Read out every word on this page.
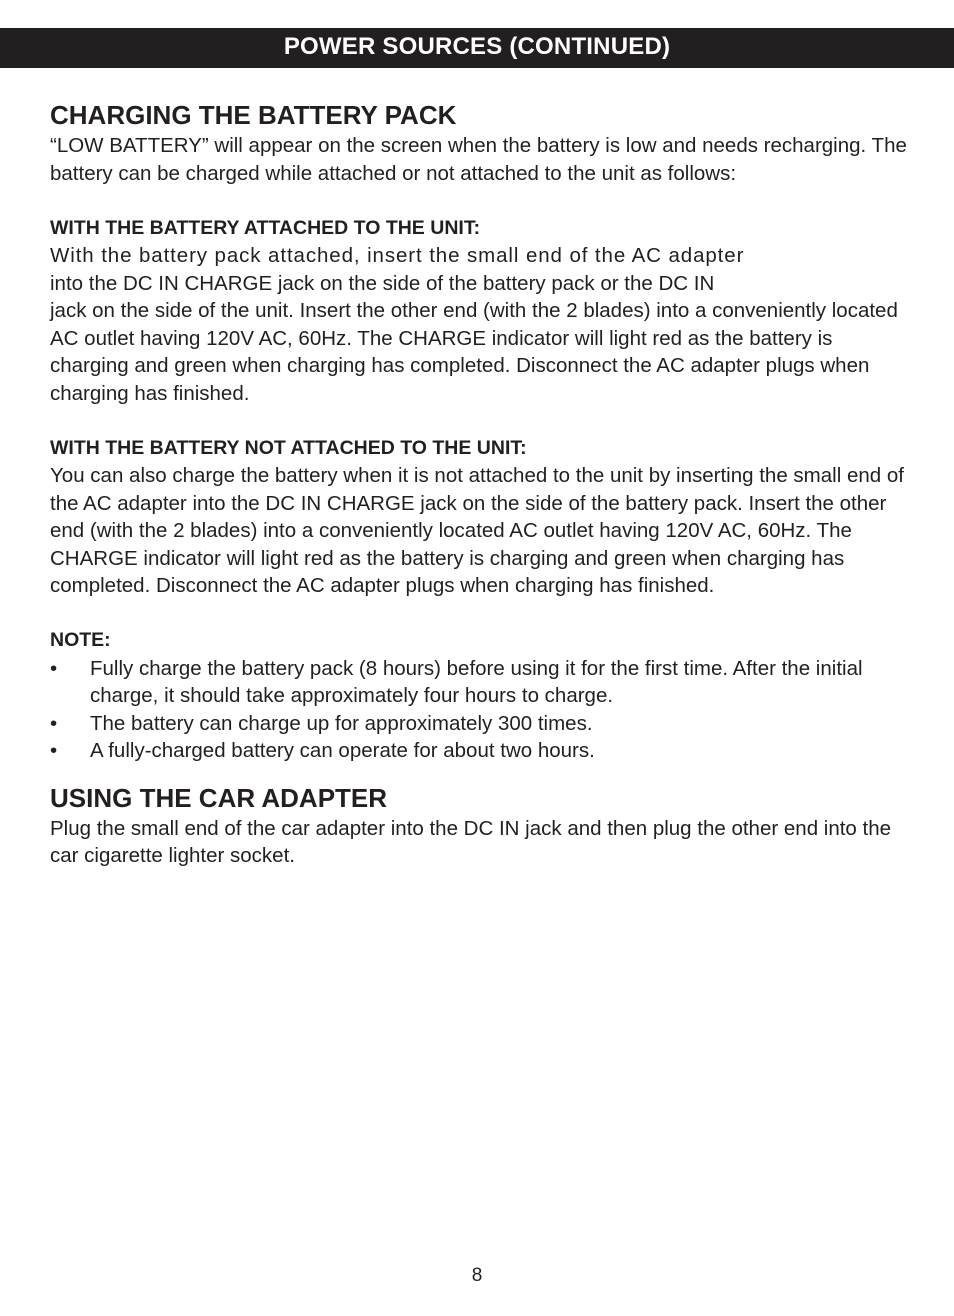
POWER SOURCES (CONTINUED)
CHARGING THE BATTERY PACK

“LOW BATTERY” will appear on the screen when the battery is low and needs recharging. The battery can be charged while attached or not attached to the unit as follows:

WITH THE BATTERY ATTACHED TO THE UNIT:

With the battery pack attached, insert the small end of the AC adapter

into the DC IN CHARGE jack on the side of the battery pack or the DC IN

jack on the side of the unit. Insert the other end (with the 2 blades) into a conveniently located AC outlet having 120V AC, 60Hz. The CHARGE indicator will light red as the battery is charging and green when charging has completed. Disconnect the AC adapter plugs when charging has finished.

WITH THE BATTERY NOT ATTACHED TO THE UNIT:

You can also charge the battery when it is not attached to the unit by inserting the small end of the AC adapter into the DC IN CHARGE jack on the side of the battery pack. Insert the other end (with the 2 blades) into a conveniently located AC outlet having 120V AC, 60Hz. The CHARGE indicator will light red as the battery is charging and green when charging has completed. Disconnect the AC adapter plugs when charging has finished.

NOTE:
• Fully charge the battery pack (8 hours) before using it for the first time. After the initial charge, it should take approximately four hours to charge.
• The battery can charge up for approximately 300 times.
• A fully-charged battery can operate for about two hours.
USING THE CAR ADAPTER

Plug the small end of the car adapter into the DC IN jack and then plug the other end into the car cigarette lighter socket.

8
